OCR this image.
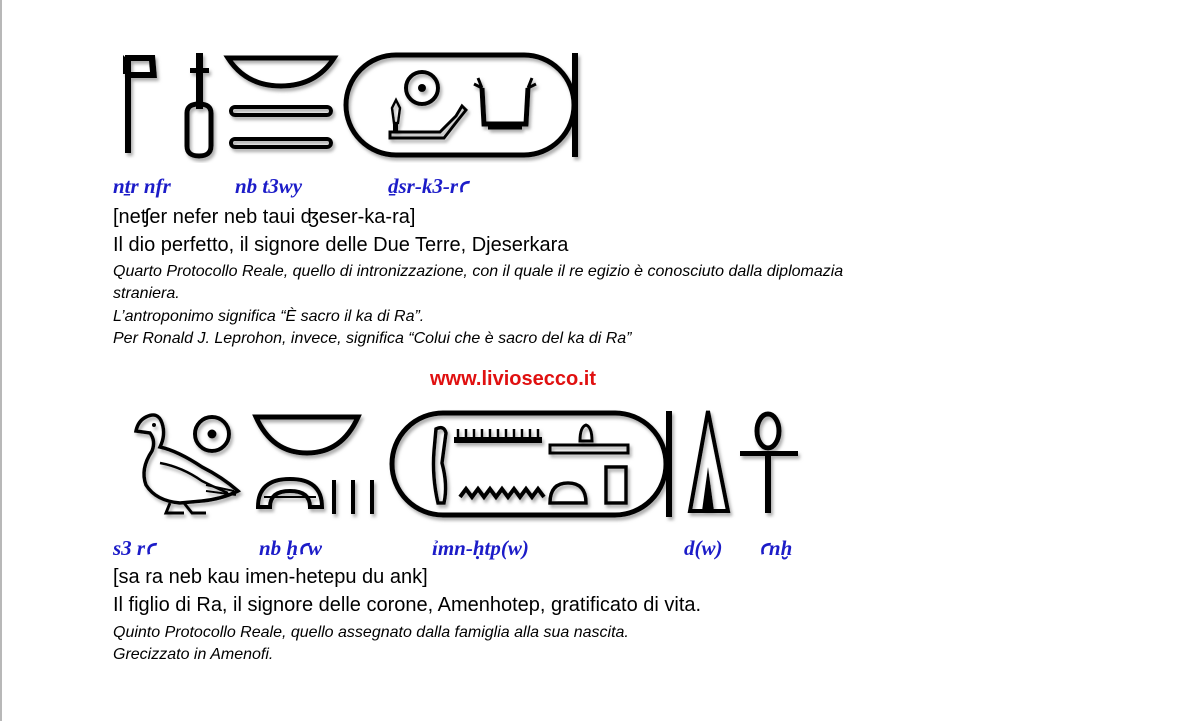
nṯr nfr	nb t3wy	ḏsr-k3-rꜥ
[neʧer nefer neb taui ʤeser-ka-ra]
Il dio perfetto, il signore delle Due Terre, Djeserkara
Quarto Protocollo Reale, quello di intronizzazione, con il quale il re egizio è conosciuto dalla diplomazia
straniera.
L’antroponimo significa “È sacro il ka di Ra”.
Per Ronald J. Leprohon, invece, significa “Colui che è sacro del ka di Ra”
www.liviosecco.it
s3 rꜥ	nb ḫꜥw	ỉmn-ḥtp(w)	d(w) ꜥnḫ
[sa ra neb kau imen-hetepu du ank]
Il figlio di Ra, il signore delle corone, Amenhotep, gratificato di vita.
Quinto Protocollo Reale, quello assegnato dalla famiglia alla sua nascita.
Grecizzato in Amenofi.
